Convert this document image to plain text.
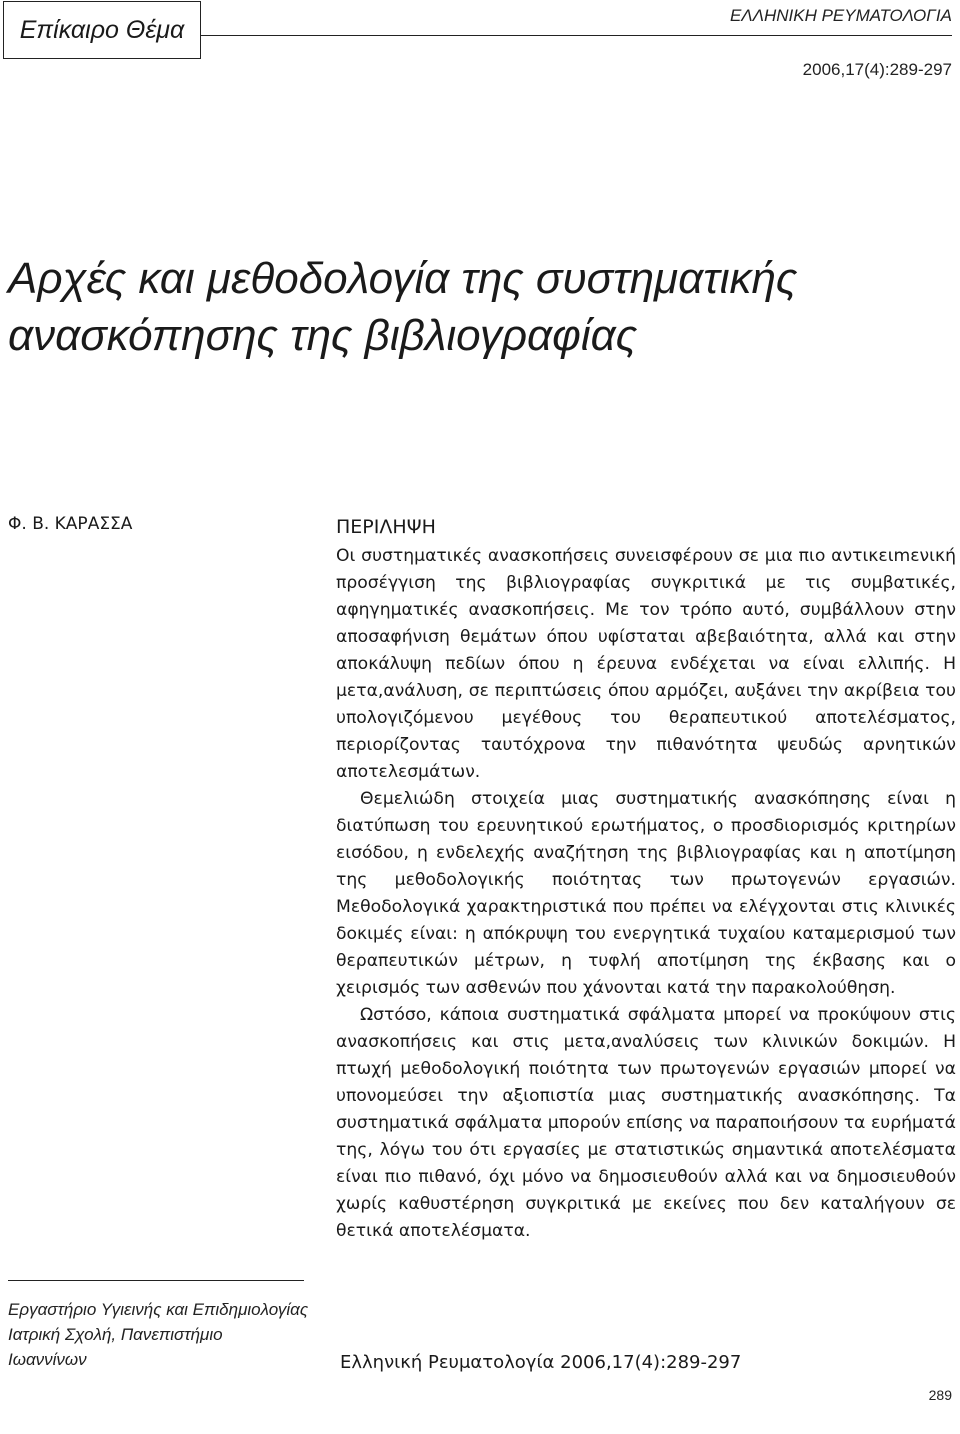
Επίκαιρο Θέμα	ΕΛΛΗΝΙΚΗ ΡΕΥΜΑΤΟΛΟΓΙΑ
2006,17(4):289-297
Αρχές και μεθοδολογία της συστηματικής
ανασκόπησης της βιβλιογραφίας
Φ. Β. ΚΑΡΑΣΣΑ
Εργαστήριο Υγιεινής και Επιδημιολογίας
Ιατρική Σχολή, Πανεπιστήμιο
Ιωαννίνων
ΠΕΡΙΛΗΨΗ

Οι συστηματικές ανασκοπήσεις συνεισφέρουν σε μια πιο αντικειmενική προσέγγιση της βιβλιογραφίας συγκριτικά με τις συμβατικές, αφηγηματικές ανασκοπήσεις. Με τον τρόπο αυτό, συμβάλλουν στην αποσαφήνιση θεμάτων όπου υφίσταται αβεβαιότητα, αλλά και στην αποκάλυψη πεδίων όπου η έρευνα ενδέχεται να είναι ελλιπής. Η μετα,ανάλυση, σε περιπτώσεις όπου αρμόζει, αυξάνει την ακρίβεια του υπολογιζόμενου μεγέθους του θεραπευτικού αποτελέσματος, περιορίζοντας ταυτόχρονα την πιθανότητα ψευδώς αρνητικών αποτελεσμάτων.

Θεμελιώδη στοιχεία μιας συστηματικής ανασκόπησης είναι η διατύπωση του ερευνητικού ερωτήματος, ο προσδιορισμός κριτηρίων εισόδου, η ενδελεχής αναζήτηση της βιβλιογραφίας και η αποτίμηση της μεθοδολογικής ποιότητας των πρωτογενών εργασιών. Μεθοδολογικά χαρακτηριστικά που πρέπει να ελέγχονται στις κλινικές δοκιμές είναι: η απόκρυψη του ενεργητικά τυχαίου καταμερισμού των θεραπευτικών μέτρων, η τυφλή αποτίμηση της έκβασης και ο χειρισμός των ασθενών που χάνονται κατά την παρακολούθηση.

Ωστόσο, κάποια συστηματικά σφάλματα μπορεί να προκύψουν στις ανασκοπήσεις και στις μετα,αναλύσεις των κλινικών δοκιμών. Η πτωχή μεθοδολογική ποιότητα των πρωτογενών εργασιών μπορεί να υπονομεύσει την αξιοπιστία μιας συστηματικής ανασκόπησης. Τα συστηματικά σφάλματα μπορούν επίσης να παραποιήσουν τα ευρήματά της, λόγω του ότι εργασίες με στατιστικώς σημαντικά αποτελέσματα είναι πιο πιθανό, όχι μόνο να δημοσιευθούν αλλά και να δημοσιευθούν χωρίς καθυστέρηση συγκριτικά με εκείνες που δεν καταλήγουν σε θετικά αποτελέσματα.

Ελληνική Ρευματολογία 2006,17(4):289-297
289
